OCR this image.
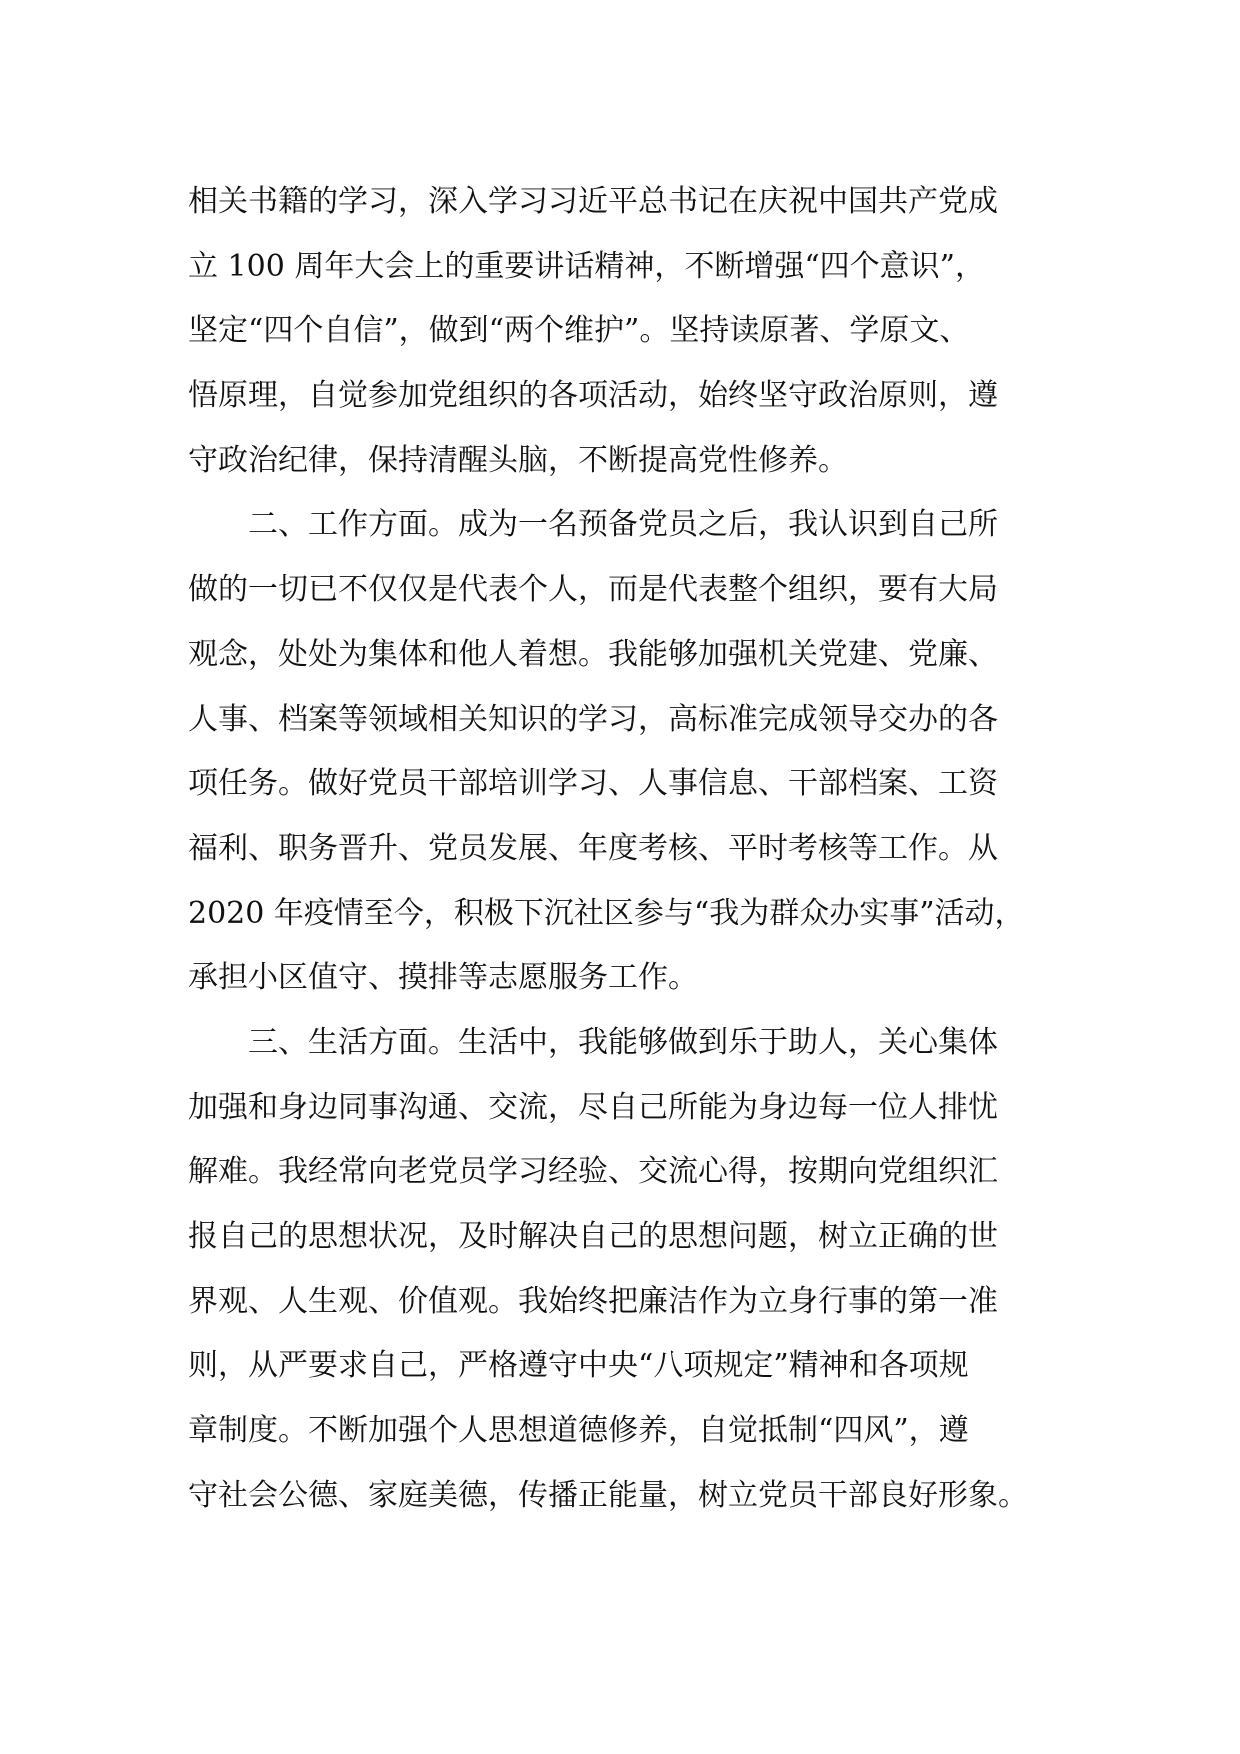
相关书籍的学习，深入学习习近平总书记在庆祝中国共产党成
立 100 周年大会上的重要讲话精神，不断增强“四个意识”，
坚定“四个自信”，做到“两个维护”。坚持读原著、学原文、
悟原理，自觉参加党组织的各项活动，始终坚守政治原则，遵
守政治纪律，保持清醒头脑，不断提高党性修养。
二、工作方面。成为一名预备党员之后，我认识到自己所
做的一切已不仅仅是代表个人，而是代表整个组织，要有大局
观念，处处为集体和他人着想。我能够加强机关党建、党廉、
人事、档案等领域相关知识的学习，高标准完成领导交办的各
项任务。做好党员干部培训学习、人事信息、干部档案、工资
福利、职务晋升、党员发展、年度考核、平时考核等工作。从
2020 年疫情至今，积极下沉社区参与“我为群众办实事”活动，
承担小区值守、摸排等志愿服务工作。
三、生活方面。生活中，我能够做到乐于助人，关心集体
加强和身边同事沟通、交流，尽自己所能为身边每一位人排忧
解难。我经常向老党员学习经验、交流心得，按期向党组织汇
报自己的思想状况，及时解决自己的思想问题，树立正确的世
界观、人生观、价值观。我始终把廉洁作为立身行事的第一准
则，从严要求自己，严格遵守中央“八项规定”精神和各项规
章制度。不断加强个人思想道德修养，自觉抵制“四风”，遵
守社会公德、家庭美德，传播正能量，树立党员干部良好形象。
